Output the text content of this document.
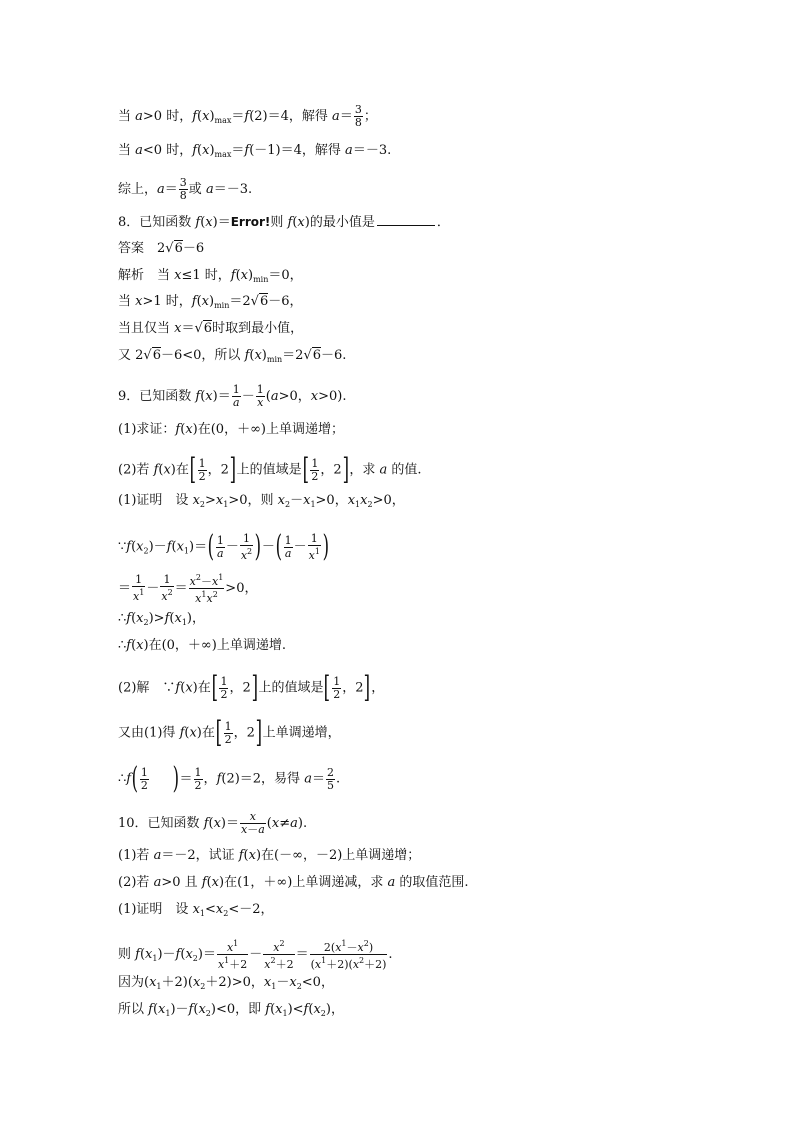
当 a>0 时，$f(x)_{max}=f(2)=4$，解得 $a= \frac{3}{8}$ ；
当 a<0 时，$f(x)_{max}=f(-1)=4$，解得 a＝－3.
综上，$a= \frac{3}{8}$ 或 a＝－3.
8．已知函数 f(x)＝Error!则 f(x)的最小值是	．
答案　2√6－6
解析　当 x≤1 时，$f(x)_{min}=0$，
当 x>1 时，$f(x)_{min}=2√6-6$，
当且仅当 x＝√6时取到最小值，
又 2√6－6<0，所以 $f(x)_{min}=2√6-6$.
9．已知函数 $f(x)= \frac{1}{a} - \frac{1}{x} (a>0$，x>0).
(1)求证：f(x)在(0，＋∞)上单调递增；
(2)若 f(x)在[ $\frac{1}{2}$ ，2]上的值域是[ $\frac{1}{2}$ ，2]，求 a 的值.
(1)证明　设 $x_2>x_1>0$，则 $x_2-x_1>0$，$x_1x_2>0$，
$\because f(x_2)-f(x_1)=( \frac{1}{a} - \frac{1}{x^2}$ )－( $\frac{1}{a} - \frac{1}{x^1}$ )
＝ $\frac{1}{x^1} - \frac{1}{x^2} = \frac{x^2-x^1}{x^1x^2} >0$，
$\therefore f(x_2)>f(x_1)$，
∴f(x)在(0，＋∞)上单调递增.
(2)解　∵f(x)在[ $\frac{1}{2}$ ，2]上的值域是[ $\frac{1}{2}$ ，2]，
又由(1)得 f(x)在[ $\frac{1}{2}$ ，2]上单调递增，
∴f( $\frac{1}{2}$ )＝ $\frac{1}{2}$ ，f(2)＝2，易得 $a= \frac{2}{5}$ .
10．已知函数 $f(x)= \frac{x}{x-a} (x\ne a)$.
(1)若 a＝－2，试证 f(x)在(－∞，－2)上单调递增；
(2)若 a>0 且 f(x)在(1，＋∞)上单调递减，求 a 的取值范围.
(1)证明　设 $x_1<x_2<-2$，
则 $f(x_1)-f(x_2)= \frac{x^1}{x^1+2} - \frac{x^2}{x^2+2} = \frac{2(x^1-x^2)}{(x^1+2)(x^2+2)}$ .
因为$(x_1+2)(x_2+2)>0$，$x_1-x_2<0$，
所以 $f(x_1)-f(x_2)<0$，即 $f(x_1)<f(x_2)$，
